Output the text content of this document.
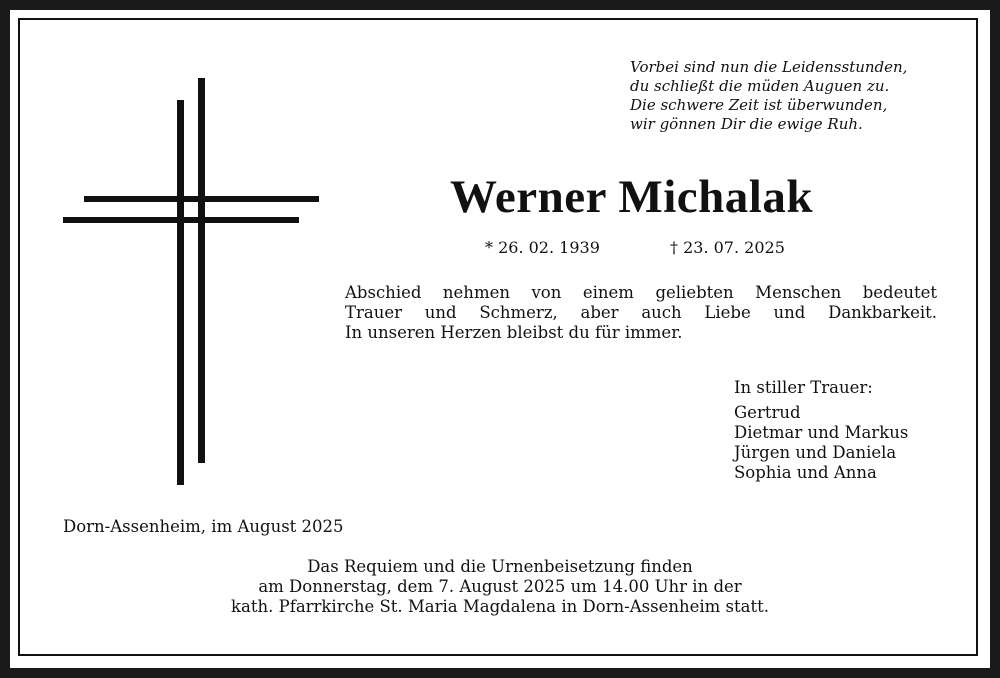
Vorbei sind nun die Leidensstunden,
du schließt die müden Auguen zu.
Die schwere Zeit ist überwunden,
wir gönnen Dir die ewige Ruh.
Werner Michalak
* 26. 02. 1939	† 23. 07. 2025
Abschied nehmen von einem geliebten Menschen bedeutet
Trauer und Schmerz, aber auch Liebe und Dankbarkeit.
In unseren Herzen bleibst du für immer.
In stiller Trauer:
Gertrud
Dietmar und Markus
Jürgen und Daniela
Sophia und Anna
Dorn-Assenheim, im August 2025
Das Requiem und die Urnenbeisetzung finden
am Donnerstag, dem 7. August 2025 um 14.00 Uhr in der
kath. Pfarrkirche St. Maria Magdalena in Dorn-Assenheim statt.
